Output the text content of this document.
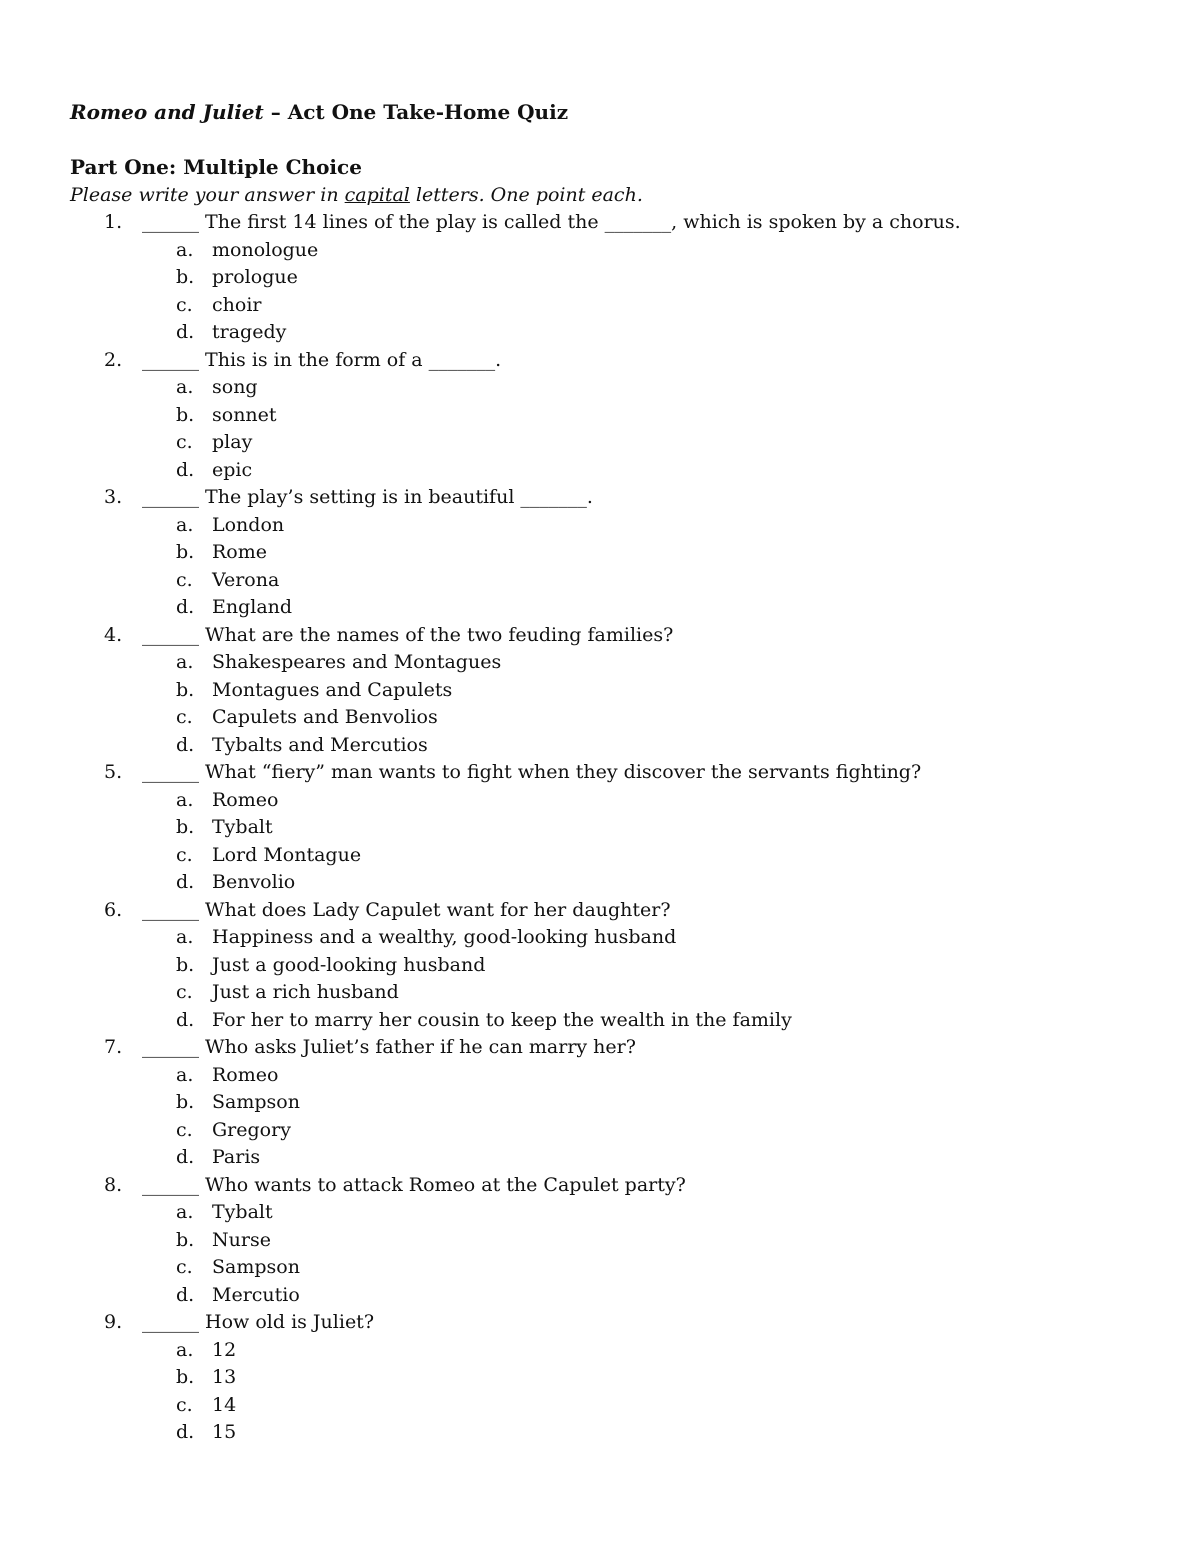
Romeo and Juliet – Act One Take-Home Quiz
Part One: Multiple Choice

Please write your answer in capital letters. One point each.

1.	______ The first 14 lines of the play is called the _______, which is spoken by a chorus.
a. monologue
b. prologue
c.	choir
d. tragedy
2.	______ This is in the form of a _______.
a. song
b. sonnet
c.	play
d. epic
3.	______ The play’s setting is in beautiful _______.
a. London
b. Rome
c.	Verona
d. England
4.	______ What are the names of the two feuding families?
a. Shakespeares and Montagues
b. Montagues and Capulets
c.	Capulets and Benvolios
d. Tybalts and Mercutios
5.	______ What “fiery” man wants to fight when they discover the servants fighting?
a. Romeo
b. Tybalt
c.	Lord Montague
d. Benvolio
6.	______ What does Lady Capulet want for her daughter?
a. Happiness and a wealthy, good-looking husband
b. Just a good-looking husband
c.	Just a rich husband
d. For her to marry her cousin to keep the wealth in the family
7.	______ Who asks Juliet’s father if he can marry her?
a. Romeo
b. Sampson
c.	Gregory
d. Paris
8.	______ Who wants to attack Romeo at the Capulet party?
a. Tybalt
b. Nurse
c.	Sampson
d. Mercutio
9.	______ How old is Juliet?
a. 12
b. 13
c.	14
d. 15
